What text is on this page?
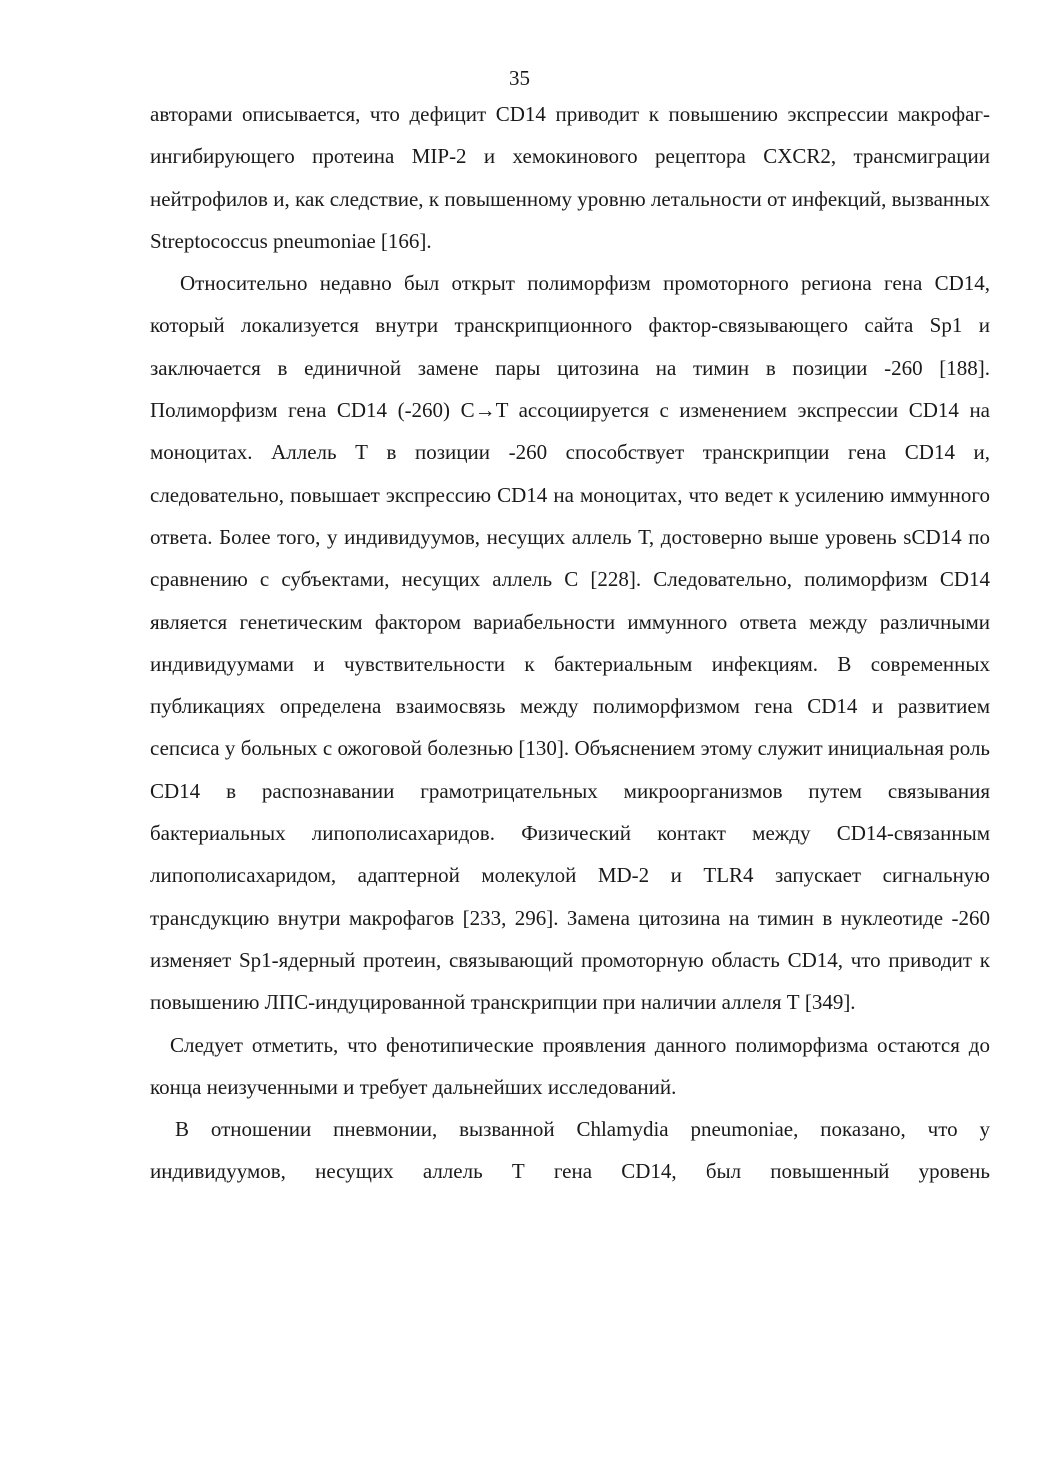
35

авторами описывается, что дефицит CD14 приводит к повышению экспрессии макрофаг-ингибирующего протеина MIP-2 и хемокинового рецептора CXCR2, трансмиграции нейтрофилов и, как следствие, к повышенному уровню летальности от инфекций, вызванных Streptococcus pneumoniae [166].

Относительно недавно был открыт полиморфизм промоторного региона гена CD14, который локализуется внутри транскрипционного фактор-связывающего сайта Sp1 и заключается в единичной замене пары цитозина на тимин в позиции -260 [188]. Полиморфизм гена CD14 (-260) C→T ассоциируется с изменением экспрессии CD14 на моноцитах. Аллель Т в позиции -260 способствует транскрипции гена CD14 и, следовательно, повышает экспрессию CD14 на моноцитах, что ведет к усилению иммунного ответа. Более того, у индивидуумов, несущих аллель Т, достоверно выше уровень sCD14 по сравнению с субъектами, несущих аллель С [228]. Следовательно, полиморфизм CD14 является генетическим фактором вариабельности иммунного ответа между различными индивидуумами и чувствительности к бактериальным инфекциям. В современных публикациях определена взаимосвязь между полиморфизмом гена CD14 и развитием сепсиса у больных с ожоговой болезнью [130]. Объяснением этому служит инициальная роль CD14 в распознавании грамотрицательных микроорганизмов путем связывания бактериальных липополисахаридов. Физический контакт между CD14-связанным липополисахаридом, адаптерной молекулой MD-2 и TLR4 запускает сигнальную трансдукцию внутри макрофагов [233, 296]. Замена цитозина на тимин в нуклеотиде -260 изменяет Sp1-ядерный протеин, связывающий промоторную область CD14, что приводит к повышению ЛПС-индуцированной транскрипции при наличии аллеля Т [349].

Следует отметить, что фенотипические проявления данного полиморфизма остаются до конца неизученными и требует дальнейших исследований.

В отношении пневмонии, вызванной Chlamydia pneumoniae, показано, что у индивидуумов, несущих аллель Т гена CD14, был повышенный уровень
